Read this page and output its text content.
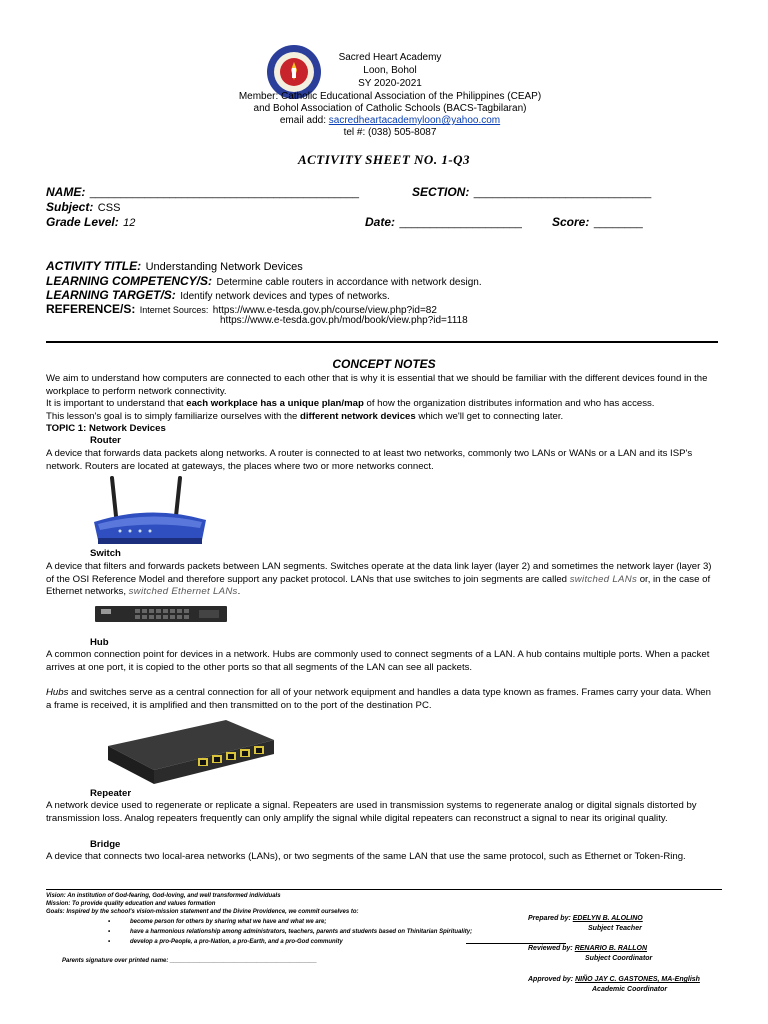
Sacred Heart Academy
Loon, Bohol
SY 2020-2021
Member: Catholic Educational Association of the Philippines (CEAP)
and Bohol Association of Catholic Schools (BACS-Tagbilaran)
email add: sacredheartacademyloon@yahoo.com
tel #: (038) 505-8087
ACTIVITY SHEET NO. 1-Q3
NAME: ____________________________________________	SECTION: _____________________________
Subject: CSS
Grade Level: 12	Date: ____________________	Score: ________
ACTIVITY TITLE: Understanding Network Devices
LEARNING COMPETENCY/S: Determine cable routers in accordance with network design.
LEARNING TARGET/S: Identify network devices and types of networks.
REFERENCE/S: Internet Sources: https://www.e-tesda.gov.ph/course/view.php?id=82
https://www.e-tesda.gov.ph/mod/book/view.php?id=1118
CONCEPT NOTES
We aim to understand how computers are connected to each other that is why it is essential that we should be familiar with the different devices found in the workplace to perform network connectivity.
It is important to understand that each workplace has a unique plan/map of how the organization distributes information and who has access.
This lesson's goal is to simply familiarize ourselves with the different network devices which we'll get to connecting later.
TOPIC 1: Network Devices
Router
A device that forwards data packets along networks. A router is connected to at least two networks, commonly two LANs or WANs or a LAN and its ISP's network. Routers are located at gateways, the places where two or more networks connect.
Switch
A device that filters and forwards packets between LAN segments. Switches operate at the data link layer (layer 2) and sometimes the network layer (layer 3) of the OSI Reference Model and therefore support any packet protocol. LANs that use switches to join segments are called switched LANs or, in the case of Ethernet networks, switched Ethernet LANs.
Hub
A common connection point for devices in a network. Hubs are commonly used to connect segments of a LAN. A hub contains multiple ports. When a packet arrives at one port, it is copied to the other ports so that all segments of the LAN can see all packets.
Hubs and switches serve as a central connection for all of your network equipment and handles a data type known as frames. Frames carry your data. When a frame is received, it is amplified and then transmitted on to the port of the destination PC.
Repeater
A network device used to regenerate or replicate a signal. Repeaters are used in transmission systems to regenerate analog or digital signals distorted by transmission loss. Analog repeaters frequently can only amplify the signal while digital repeaters can reconstruct a signal to near its original quality.
Bridge
A device that connects two local-area networks (LANs), or two segments of the same LAN that use the same protocol, such as Ethernet or Token-Ring.
Vision: An institution of God-fearing, God-loving, and well transformed individuals
Mission: To provide quality education and values formation
Goals: Inspired by the school's vision-mission statement and the Divine Providence, we commit ourselves to:
•	become person for others by sharing what we have and what we are;
•	have a harmonious relationship among administrators, teachers, parents and students based on Thinitarian Spirituality;
•	develop a pro-People, a pro-Nation, a pro-Earth, and a pro-God community
Parents signature over printed name: ____________________________________________
Prepared by: EDELYN B. ALOLINO
Subject Teacher
Reviewed by: RENARIO B. RALLON
Subject Coordinator
Approved by: NIÑO JAY C. GASTONES, MA-English
Academic Coordinator
